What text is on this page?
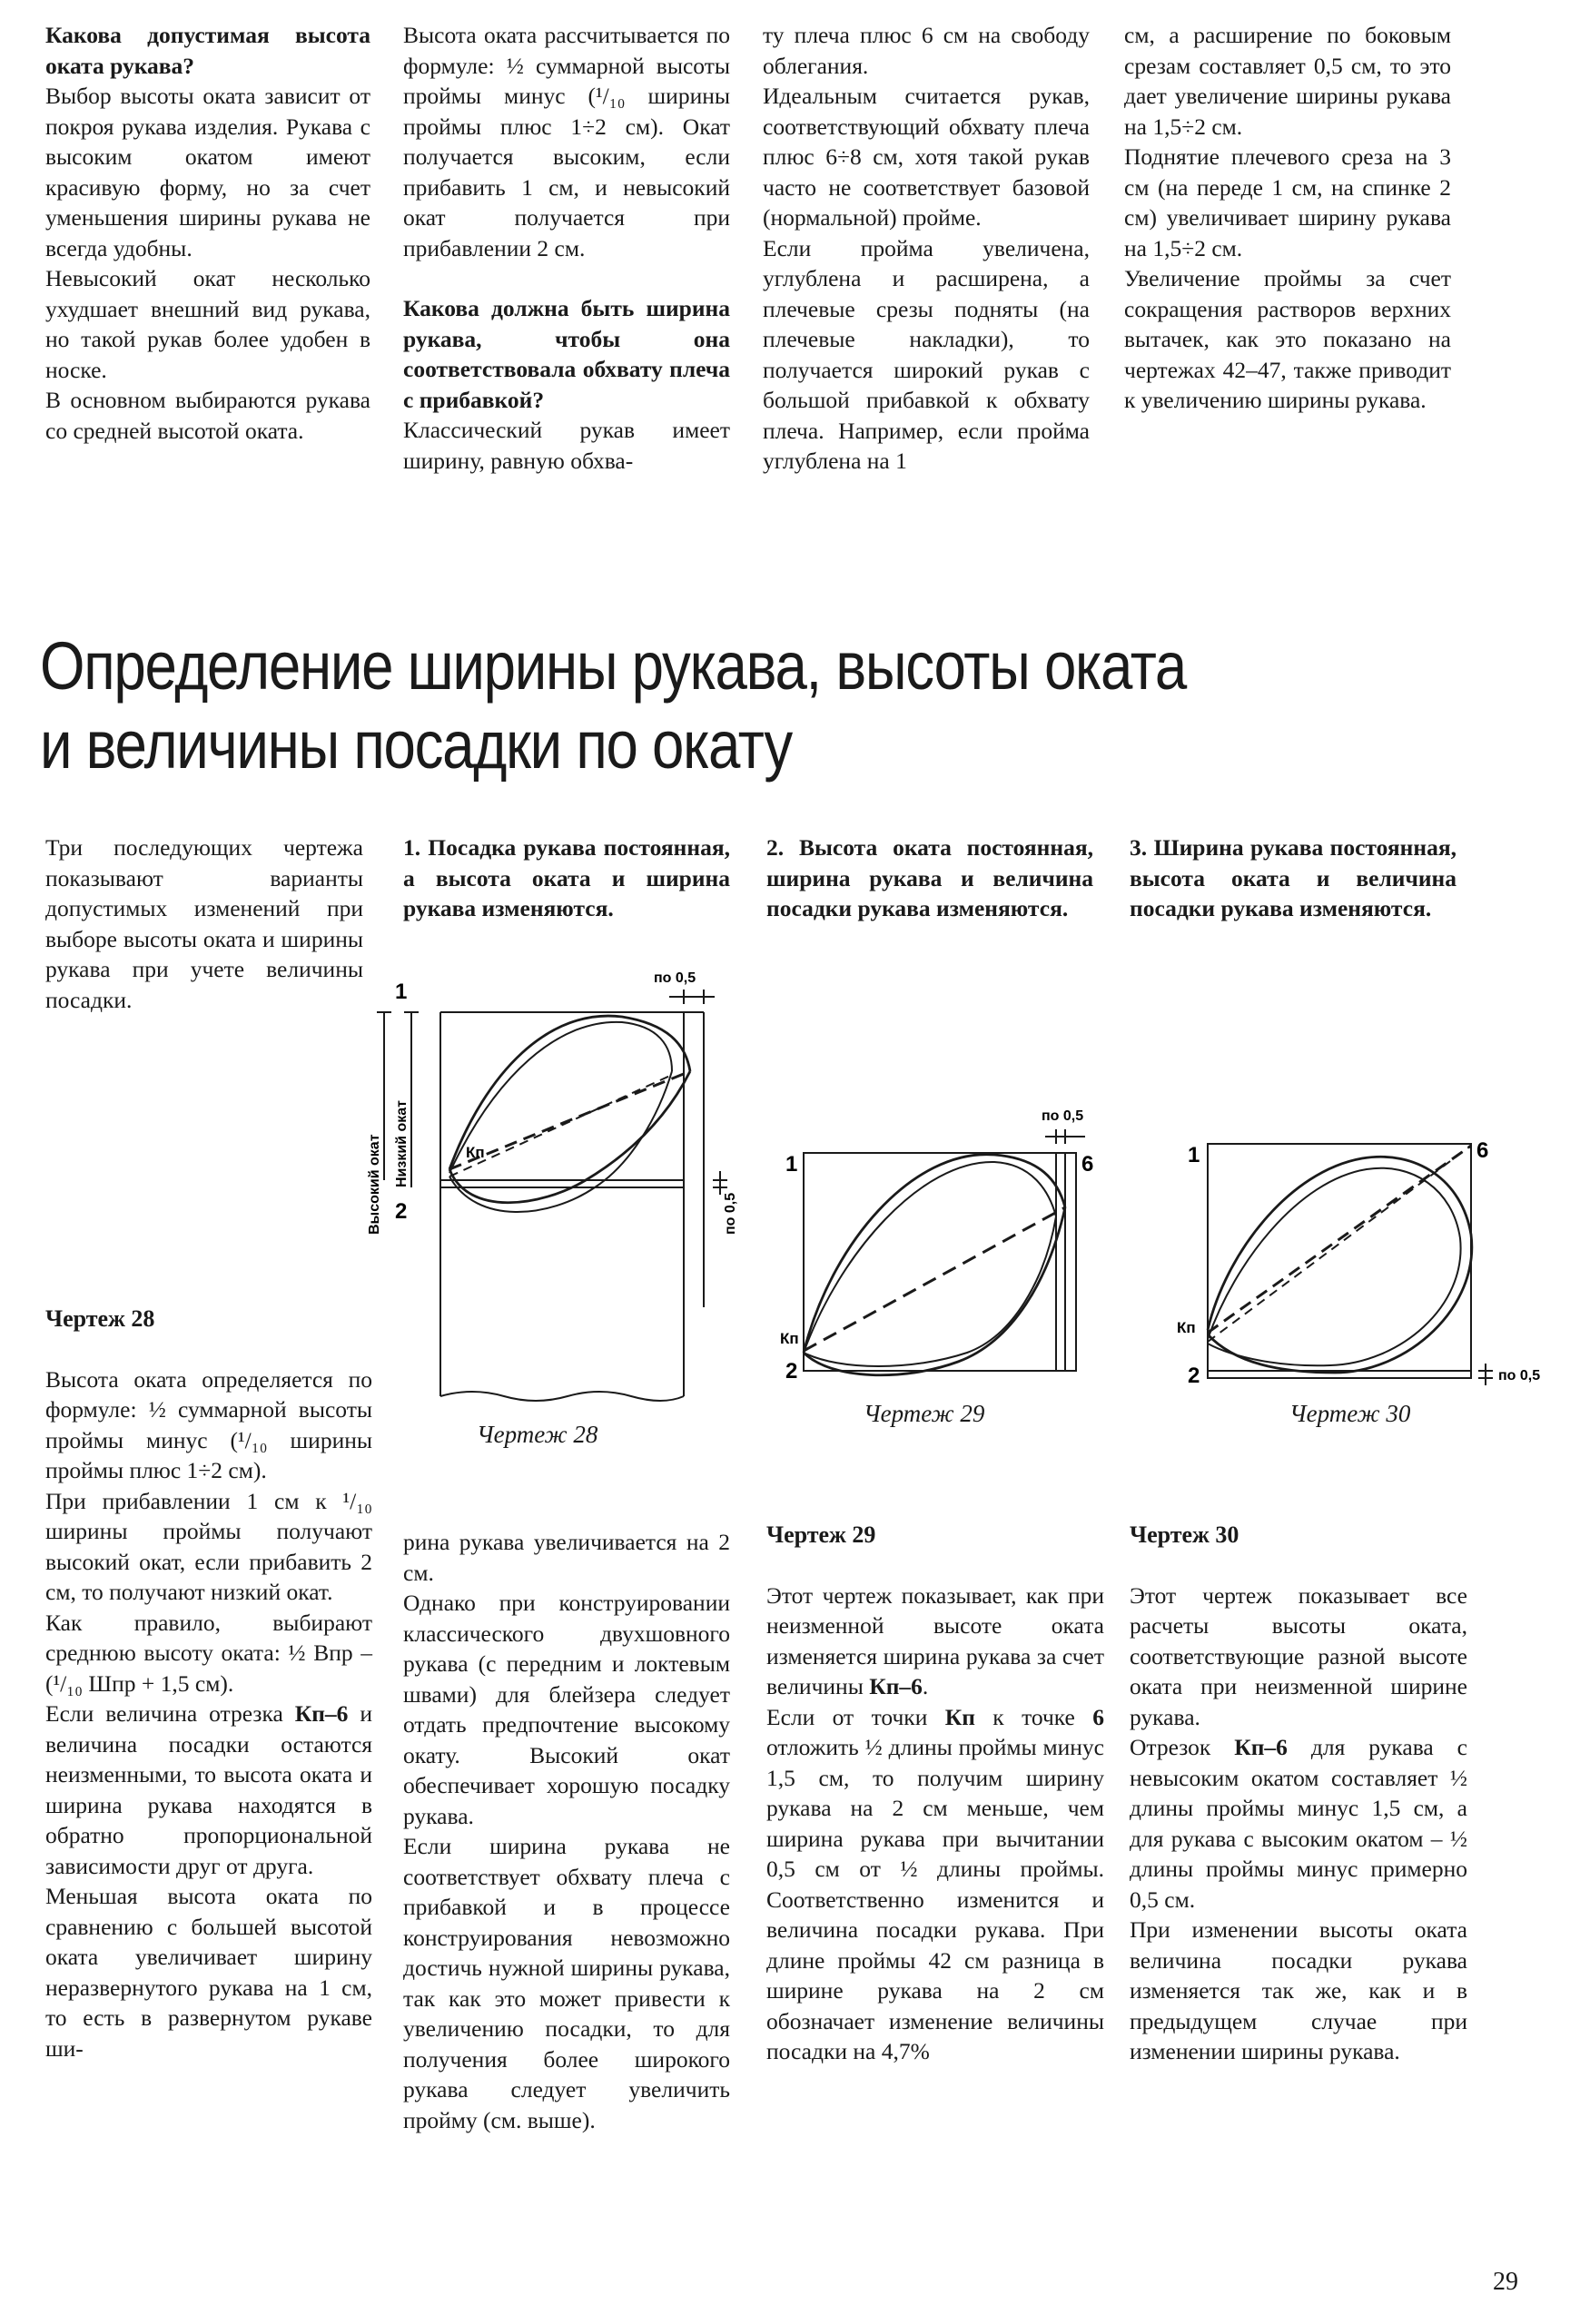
Какова допустимая высота оката рукава?

Выбор высоты оката зависит от покроя рукава изделия. Рукава с высоким окатом имеют красивую форму, но за счет уменьшения ширины рукава не всегда удобны.

Невысокий окат несколько ухудшает внешний вид рукава, но такой рукав более удобен в носке.

В основном выбираются рукава со средней высотой оката.

Высота оката рассчитывается по формуле: ½ суммарной высоты проймы минус (¹/₁₀ ширины проймы плюс 1÷2 см). Окат получается высоким, если прибавить 1 см, и невысокий окат получается при прибавлении 2 см.

Какова должна быть ширина рукава, чтобы она соответствовала обхвату плеча с прибавкой?

Классический рукав имеет ширину, равную обхва-

ту плеча плюс 6 см на свободу облегания.

Идеальным считается рукав, соответствующий обхвату плеча плюс 6÷8 см, хотя такой рукав часто не соответствует базовой (нормальной) пройме.

Если пройма увеличена, углублена и расширена, а плечевые срезы подняты (на плечевые накладки), то получается широкий рукав с большой прибавкой к обхвату плеча. Например, если пройма углублена на 1

см, а расширение по боковым срезам составляет 0,5 см, то это дает увеличение ширины рукава на 1,5÷2 см.

Поднятие плечевого среза на 3 см (на переде 1 см, на спинке 2 см) увеличивает ширину рукава на 1,5÷2 см.

Увеличение проймы за счет сокращения растворов верхних вытачек, как это показано на чертежах 42–47, также приводит к увеличению ширины рукава.

Определение ширины рукава, высоты оката
и величины посадки по окату

Три последующих чертежа показывают варианты допустимых изменений при выборе высоты оката и ширины рукава при учете величины посадки.

1. Посадка рукава постоянная, а высота оката и ширина рукава изменяются.

2. Высота оката постоянная, ширина рукава и величина посадки рукава изменяются.

3. Ширина рукава постоянная, высота оката и величина посадки рукава изменяются.

по 0,5
Высокий окат Низкий окат
по 0,5
1
2
Кп
Чертеж 28
по 0,5
1
2
6
Кп
Чертеж 29
1
2
6
Кп
по 0,5
Чертеж 30

Чертеж 28

Высота оката определяется по формуле: ½ суммарной высоты проймы минус (¹/₁₀ ширины проймы плюс 1÷2 см).

При прибавлении 1 см к ¹/₁₀ ширины проймы получают высокий окат, если прибавить 2 см, то получают низкий окат.

Как правило, выбирают среднюю высоту оката: ½ Впр – (¹/₁₀ Шпр + 1,5 см).

Если величина отрезка Кп–6 и величина посадки остаются неизменными, то высота оката и ширина рукава находятся в обратно пропорциональной зависимости друг от друга.

Меньшая высота оката по сравнению с большей высотой оката увеличивает ширину неразвернутого рукава на 1 см, то есть в развернутом рукаве ши-

рина рукава увеличивается на 2 см.

Однако при конструировании классического двухшовного рукава (с передним и локтевым швами) для блейзера следует отдать предпочтение высокому окату. Высокий окат обеспечивает хорошую посадку рукава.

Если ширина рукава не соответствует обхвату плеча с прибавкой и в процессе конструирования невозможно достичь нужной ширины рукава, так как это может привести к увеличению посадки, то для получения более широкого рукава следует увеличить пройму (см. выше).

Чертеж 29

Этот чертеж показывает, как при неизменной высоте оката изменяется ширина рукава за счет величины Кп–6.

Если от точки Кп к точке 6 отложить ½ длины проймы минус 1,5 см, то получим ширину рукава на 2 см меньше, чем ширина рукава при вычитании 0,5 см от ½ длины проймы. Соответственно изменится и величина посадки рукава. При длине проймы 42 см разница в ширине рукава на 2 см обозначает изменение величины посадки на 4,7%

Чертеж 30

Этот чертеж показывает все расчеты высоты оката, соответствующие разной высоте оката при неизменной ширине рукава.

Отрезок Кп–6 для рукава с невысоким окатом составляет ½ длины проймы минус 1,5 см, а для рукава с высоким окатом – ½ длины проймы минус примерно 0,5 см.

При изменении высоты оката величина посадки рукава изменяется так же, как и в предыдущем случае при изменении ширины рукава.

29
